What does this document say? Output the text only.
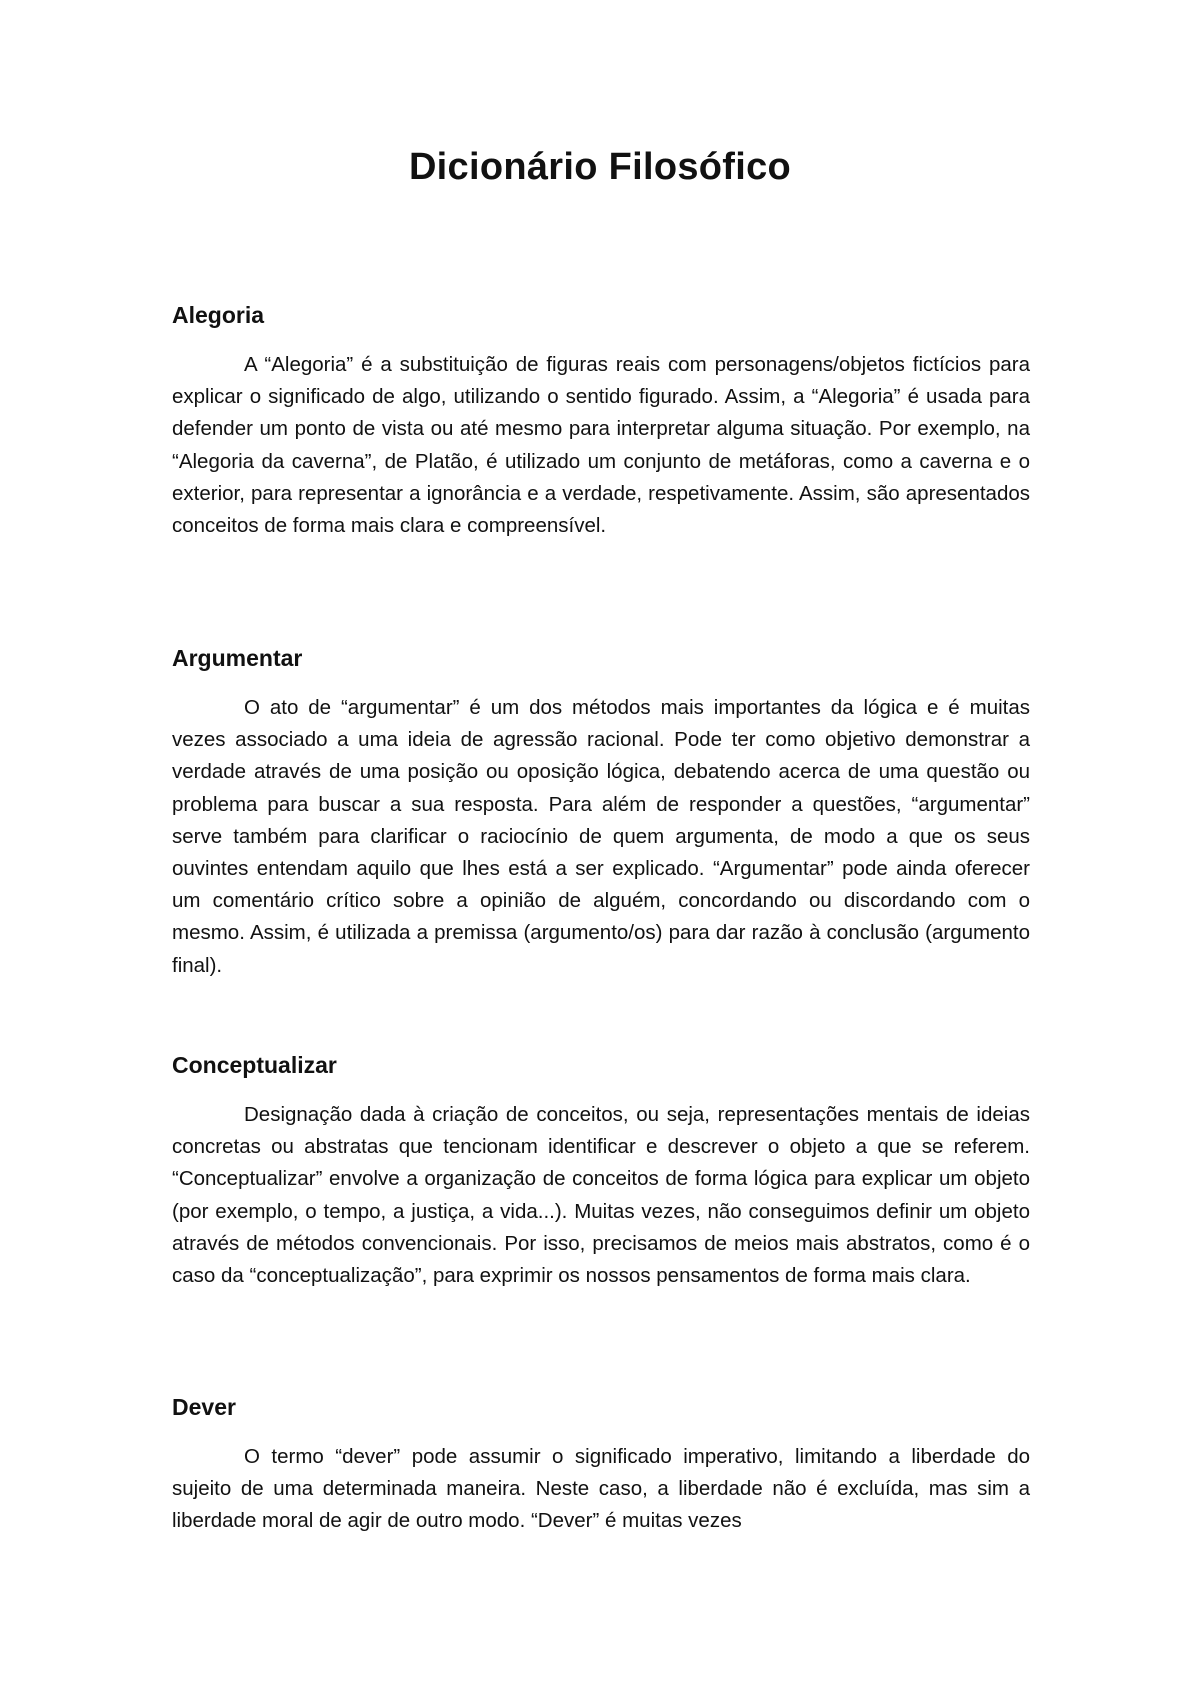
Dicionário Filosófico
Alegoria

A “Alegoria” é a substituição de figuras reais com personagens/objetos fictícios para explicar o significado de algo, utilizando o sentido figurado. Assim, a “Alegoria” é usada para defender um ponto de vista ou até mesmo para interpretar alguma situação. Por exemplo, na “Alegoria da caverna”, de Platão, é utilizado um conjunto de metáforas, como a caverna e o exterior, para representar a ignorância e a verdade, respetivamente. Assim, são apresentados conceitos de forma mais clara e compreensível.

Argumentar

O ato de “argumentar” é um dos métodos mais importantes da lógica e é muitas vezes associado a uma ideia de agressão racional. Pode ter como objetivo demonstrar a verdade através de uma posição ou oposição lógica, debatendo acerca de uma questão ou problema para buscar a sua resposta. Para além de responder a questões, “argumentar” serve também para clarificar o raciocínio de quem argumenta, de modo a que os seus ouvintes entendam aquilo que lhes está a ser explicado. “Argumentar” pode ainda oferecer um comentário crítico sobre a opinião de alguém, concordando ou discordando com o mesmo. Assim, é utilizada a premissa (argumento/os) para dar razão à conclusão (argumento final).

Conceptualizar

Designação dada à criação de conceitos, ou seja, representações mentais de ideias concretas ou abstratas que tencionam identificar e descrever o objeto a que se referem. “Conceptualizar” envolve a organização de conceitos de forma lógica para explicar um objeto (por exemplo, o tempo, a justiça, a vida...). Muitas vezes, não conseguimos definir um objeto através de métodos convencionais. Por isso, precisamos de meios mais abstratos, como é o caso da “conceptualização”, para exprimir os nossos pensamentos de forma mais clara.

Dever

O termo “dever” pode assumir o significado imperativo, limitando a liberdade do sujeito de uma determinada maneira. Neste caso, a liberdade não é excluída, mas sim a liberdade moral de agir de outro modo. “Dever” é muitas vezes
